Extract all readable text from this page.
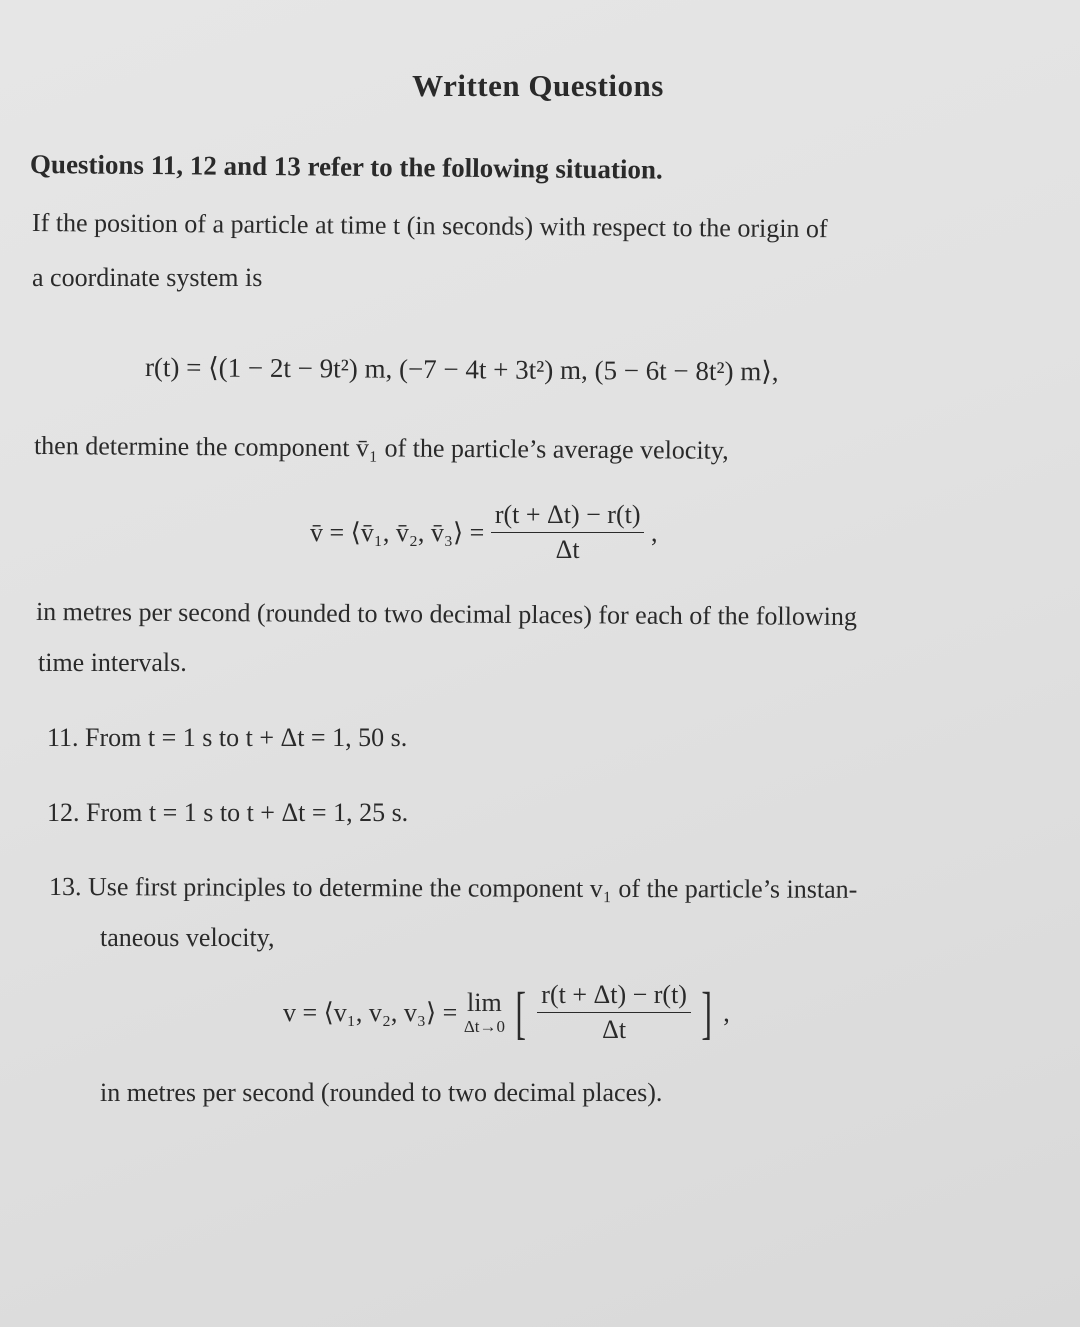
Written Questions
Questions 11, 12 and 13 refer to the following situation.
If the position of a particle at time t (in seconds) with respect to the origin of
a coordinate system is
r(t) = ⟨(1 − 2t − 9t²) m, (−7 − 4t + 3t²) m, (5 − 6t − 8t²) m⟩,
then determine the component v̄₁ of the particle’s average velocity,
v̄ = ⟨v̄₁, v̄₂, v̄₃⟩ = $\frac{r(t + \Delta t) - r(t)}{\Delta t}$ ,
in metres per second (rounded to two decimal places) for each of the following
time intervals.
11. From t = 1 s to t + Δt = 1, 50 s.
12. From t = 1 s to t + Δt = 1, 25 s.
13. Use first principles to determine the component v₁ of the particle’s instan-
taneous velocity,
v = ⟨v₁, v₂, v₃⟩ = lim
Δt→0 [ $\frac{r(t + \Delta t) - r(t)}{\Delta t}$ ] ,
in metres per second (rounded to two decimal places).
